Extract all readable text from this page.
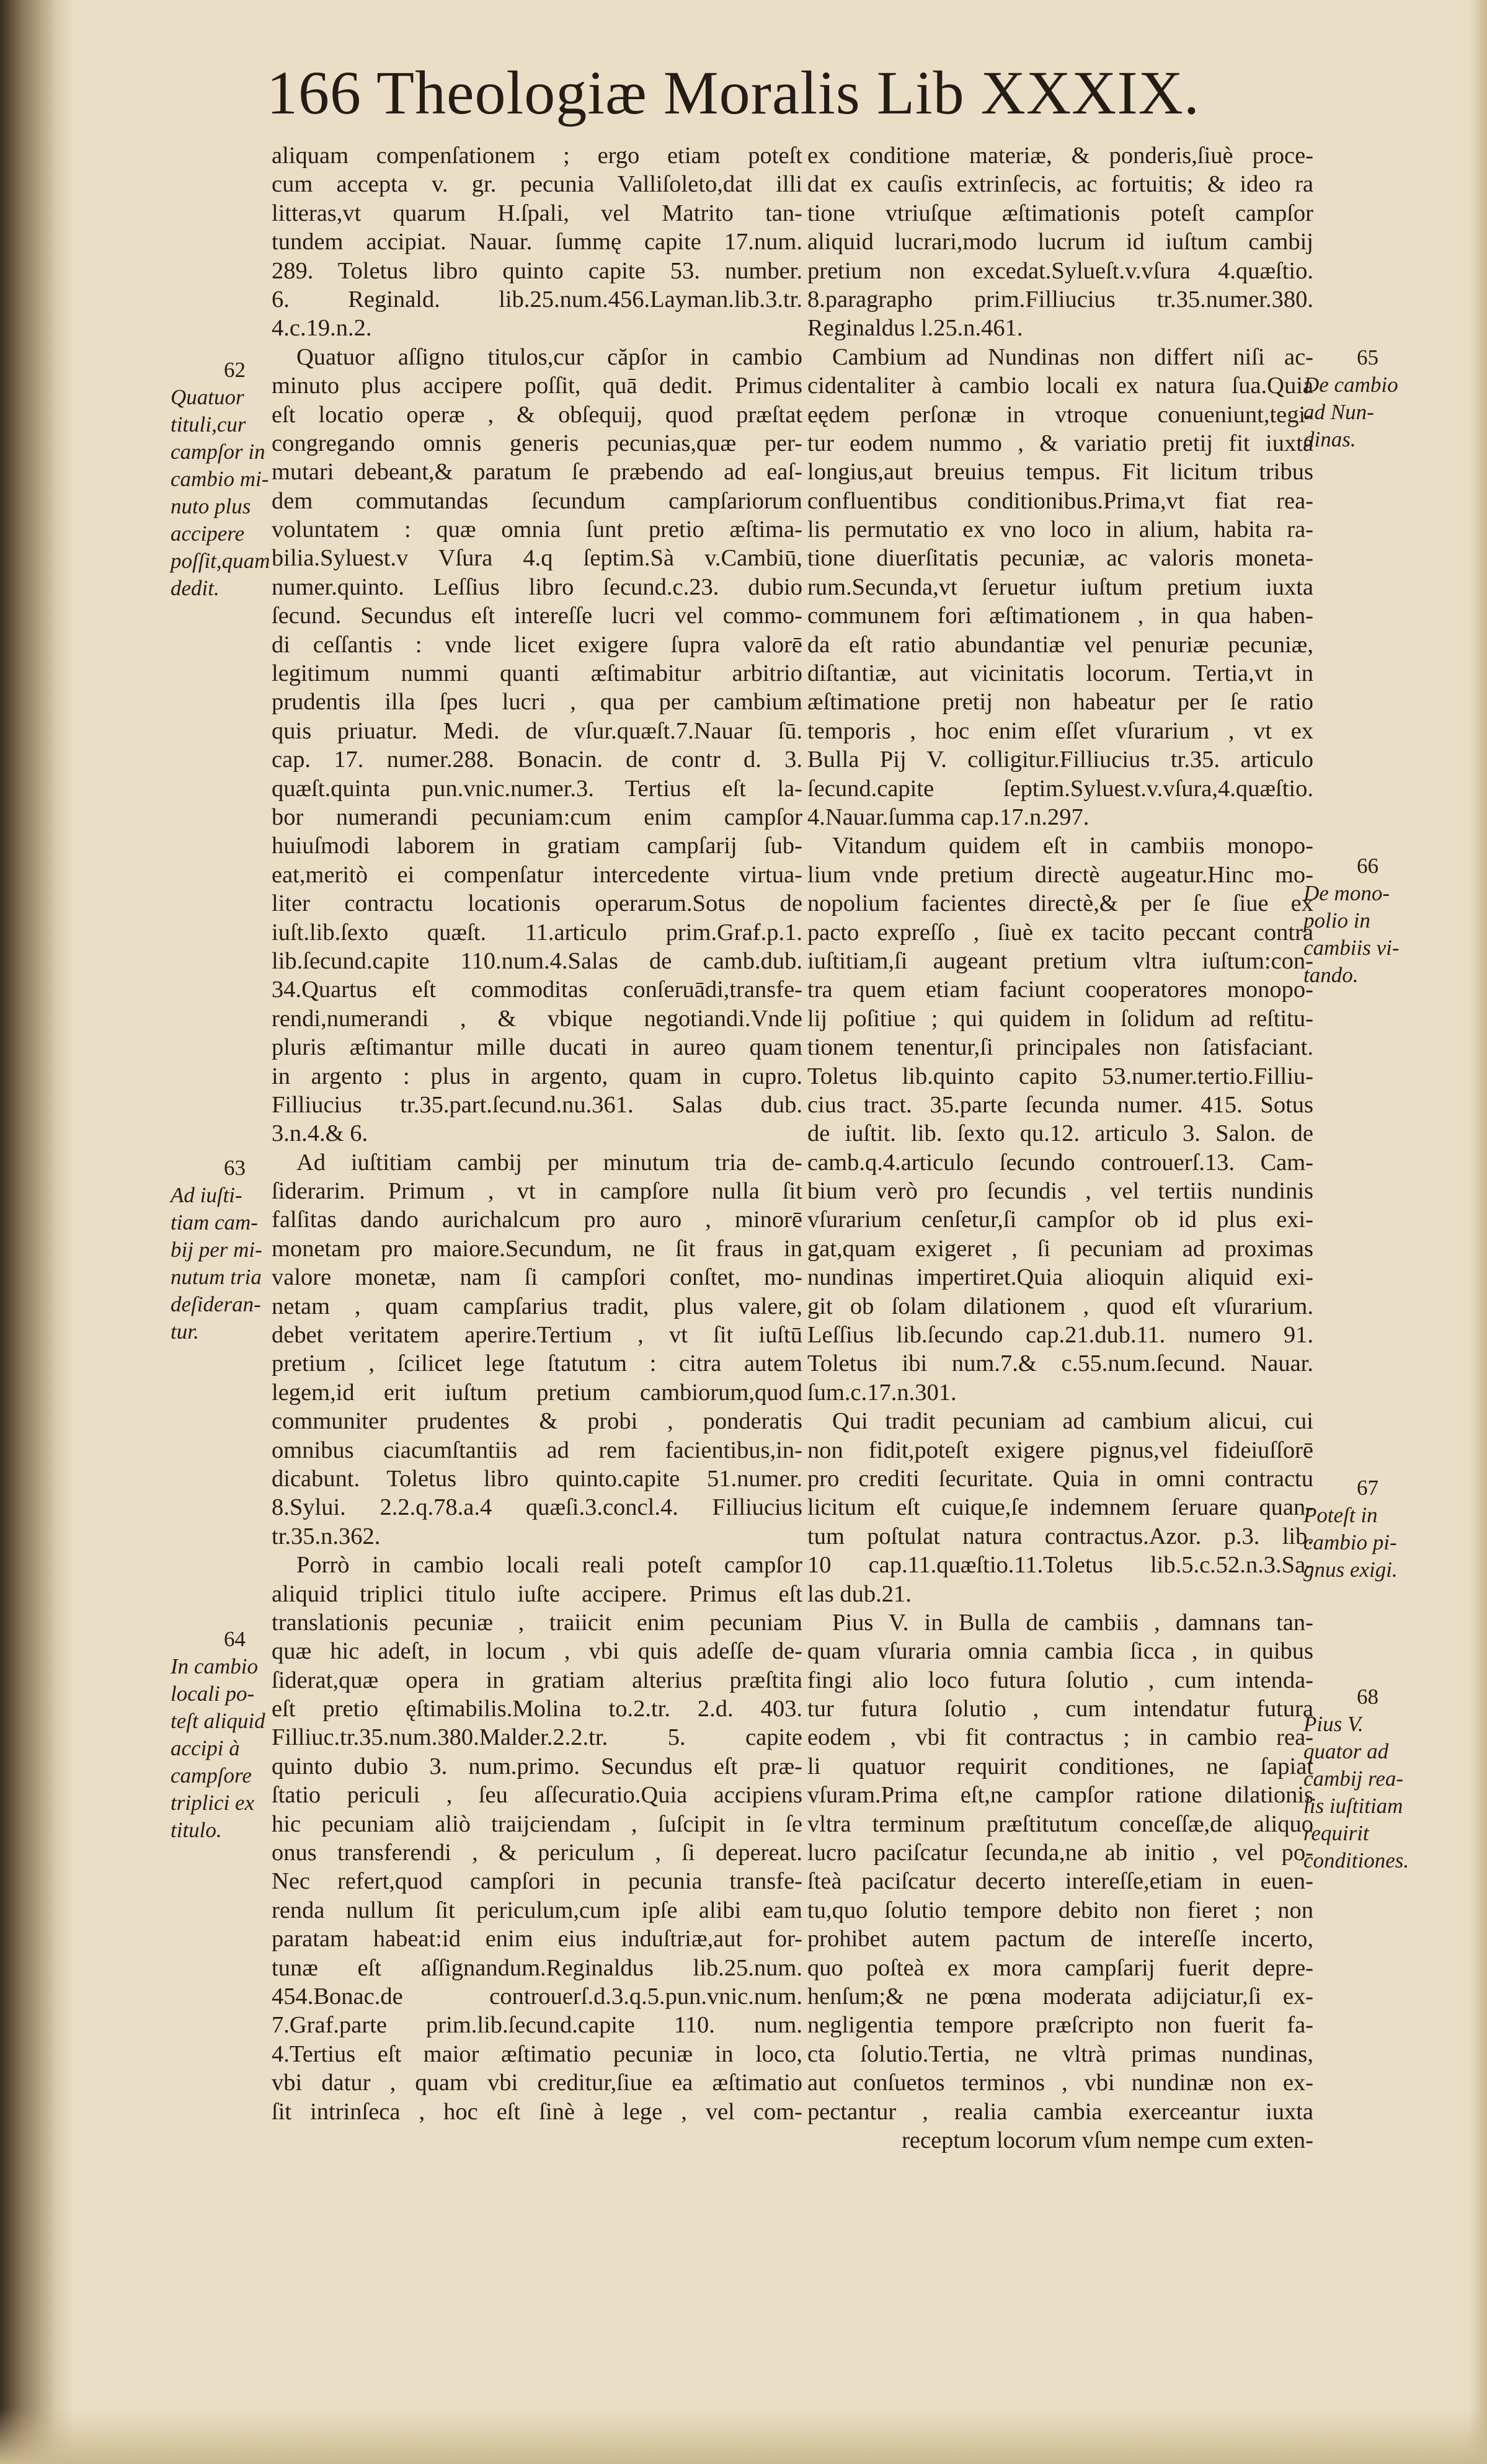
166 Theologiæ Moralis Lib XXXIX.
aliquam compenſationem ; ergo etiam poteſt
cum accepta v. gr. pecunia Valliſoleto,dat illi
litteras,vt quarum H.ſpali, vel Matrito tan-
tundem accipiat. Nauar. ſummę capite 17.num.
289. Toletus libro quinto capite 53. number.
6. Reginald. lib.25.num.456.Layman.lib.3.tr.
4.c.19.n.2.
Quatuor aſſigno titulos,cur căpſor in cambio
minuto plus accipere poſſit, quā dedit. Primus
eſt locatio operæ , & obſequij, quod præſtat
congregando omnis generis pecunias,quæ per-
mutari debeant,& paratum ſe præbendo ad eaſ-
dem commutandas ſecundum campſariorum
voluntatem : quæ omnia ſunt pretio æſtima-
bilia.Syluest.v Vſura 4.q ſeptim.Sà v.Cambiū,
numer.quinto. Leſſius libro ſecund.c.23. dubio
ſecund. Secundus eſt intereſſe lucri vel commo-
di ceſſantis : vnde licet exigere ſupra valorē
legitimum nummi quanti æſtimabitur arbitrio
prudentis illa ſpes lucri , qua per cambium
quis priuatur. Medi. de vſur.quæſt.7.Nauar ſū.
cap. 17. numer.288. Bonacin. de contr d. 3.
quæſt.quinta pun.vnic.numer.3. Tertius eſt la-
bor numerandi pecuniam:cum enim campſor
huiuſmodi laborem in gratiam campſarij ſub-
eat,meritò ei compenſatur intercedente virtua-
liter contractu locationis operarum.Sotus de
iuſt.lib.ſexto quæſt. 11.articulo prim.Graf.p.1.
lib.ſecund.capite 110.num.4.Salas de camb.dub.
34.Quartus eſt commoditas conſeruādi,transfe-
rendi,numerandi , & vbique negotiandi.Vnde
pluris æſtimantur mille ducati in aureo quam
in argento : plus in argento, quam in cupro.
Filliucius tr.35.part.ſecund.nu.361. Salas dub.
3.n.4.& 6.
Ad iuſtitiam cambij per minutum tria de-
ſiderarim. Primum , vt in campſore nulla ſit
falſitas dando aurichalcum pro auro , minorē
monetam pro maiore.Secundum, ne ſit fraus in
valore monetæ, nam ſi campſori conſtet, mo-
netam , quam campſarius tradit, plus valere,
debet veritatem aperire.Tertium , vt ſit iuſtū
pretium , ſcilicet lege ſtatutum : citra autem
legem,id erit iuſtum pretium cambiorum,quod
communiter prudentes & probi , ponderatis
omnibus ciacumſtantiis ad rem facientibus,in-
dicabunt. Toletus libro quinto.capite 51.numer.
8.Sylui. 2.2.q.78.a.4 quæſi.3.concl.4. Filliucius
tr.35.n.362.
Porrò in cambio locali reali poteſt campſor
aliquid triplici titulo iuſte accipere. Primus eſt
translationis pecuniæ , traiicit enim pecuniam
quæ hic adeſt, in locum , vbi quis adeſſe de-
ſiderat,quæ opera in gratiam alterius præſtita
eſt pretio ęſtimabilis.Molina to.2.tr. 2.d. 403.
Filliuc.tr.35.num.380.Malder.2.2.tr. 5. capite
quinto dubio 3. num.primo. Secundus eſt præ-
ſtatio periculi , ſeu aſſecuratio.Quia accipiens
hic pecuniam aliò traijciendam , ſuſcipit in ſe
onus transferendi , & periculum , ſi depereat.
Nec refert,quod campſori in pecunia transfe-
renda nullum ſit periculum,cum ipſe alibi eam
paratam habeat:id enim eius induſtriæ,aut for-
tunæ eſt aſſignandum.Reginaldus lib.25.num.
454.Bonac.de controuerſ.d.3.q.5.pun.vnic.num.
7.Graf.parte prim.lib.ſecund.capite 110. num.
4.Tertius eſt maior æſtimatio pecuniæ in loco,
vbi datur , quam vbi creditur,ſiue ea æſtimatio
ſit intrinſeca , hoc eſt ſinè à lege , vel com-
ex conditione materiæ, & ponderis,ſiuè proce-
dat ex cauſis extrinſecis, ac fortuitis; & ideo ra
tione vtriuſque æſtimationis poteſt campſor
aliquid lucrari,modo lucrum id iuſtum cambij
pretium non excedat.Sylueſt.v.vſura 4.quæſtio.
8.paragrapho prim.Filliucius tr.35.numer.380.
Reginaldus l.25.n.461.
Cambium ad Nundinas non differt niſi ac-
cidentaliter à cambio locali ex natura ſua.Quia
eędem perſonæ in vtroque conueniunt,tegi-
tur eodem nummo , & variatio pretij fit iuxta
longius,aut breuius tempus. Fit licitum tribus
confluentibus conditionibus.Prima,vt fiat rea-
lis permutatio ex vno loco in alium, habita ra-
tione diuerſitatis pecuniæ, ac valoris moneta-
rum.Secunda,vt ſeruetur iuſtum pretium iuxta
communem fori æſtimationem , in qua haben-
da eſt ratio abundantiæ vel penuriæ pecuniæ,
diſtantiæ, aut vicinitatis locorum. Tertia,vt in
æſtimatione pretij non habeatur per ſe ratio
temporis , hoc enim eſſet vſurarium , vt ex
Bulla Pij V. colligitur.Filliucius tr.35. articulo
ſecund.capite ſeptim.Syluest.v.vſura,4.quæſtio.
4.Nauar.ſumma cap.17.n.297.
Vitandum quidem eſt in cambiis monopo-
lium vnde pretium directè augeatur.Hinc mo-
nopolium facientes directè,& per ſe ſiue ex
pacto expreſſo , ſiuè ex tacito peccant contra
iuſtitiam,ſi augeant pretium vltra iuſtum:con-
tra quem etiam faciunt cooperatores monopo-
lij poſitiue ; qui quidem in ſolidum ad reſtitu-
tionem tenentur,ſi principales non ſatisfaciant.
Toletus lib.quinto capito 53.numer.tertio.Filliu-
cius tract. 35.parte ſecunda numer. 415. Sotus
de iuſtit. lib. ſexto qu.12. articulo 3. Salon. de
camb.q.4.articulo ſecundo controuerſ.13. Cam-
bium verò pro ſecundis , vel tertiis nundinis
vſurarium cenſetur,ſi campſor ob id plus exi-
gat,quam exigeret , ſi pecuniam ad proximas
nundinas impertiret.Quia alioquin aliquid exi-
git ob ſolam dilationem , quod eſt vſurarium.
Leſſius lib.ſecundo cap.21.dub.11. numero 91.
Toletus ibi num.7.& c.55.num.ſecund. Nauar.
ſum.c.17.n.301.
Qui tradit pecuniam ad cambium alicui, cui
non fidit,poteſt exigere pignus,vel fideiuſſorē
pro crediti ſecuritate. Quia in omni contractu
licitum eſt cuique,ſe indemnem ſeruare quan-
tum poſtulat natura contractus.Azor. p.3. lib.
10 cap.11.quæſtio.11.Toletus lib.5.c.52.n.3.Sa-
las dub.21.
Pius V. in Bulla de cambiis , damnans tan-
quam vſuraria omnia cambia ſicca , in quibus
fingi alio loco futura ſolutio , cum intenda-
tur futura ſolutio , cum intendatur futura
eodem , vbi fit contractus ; in cambio rea-
li quatuor requirit conditiones, ne ſapiat
vſuram.Prima eſt,ne campſor ratione dilationis
vltra terminum præſtitutum conceſſæ,de aliquo
lucro paciſcatur ſecunda,ne ab initio , vel po-
ſteà paciſcatur decerto intereſſe,etiam in euen-
tu,quo ſolutio tempore debito non fieret ; non
prohibet autem pactum de intereſſe incerto,
quo poſteà ex mora campſarij fuerit depre-
henſum;& ne pœna moderata adijciatur,ſi ex-
negligentia tempore præſcripto non fuerit fa-
cta ſolutio.Tertia, ne vltrà primas nundinas,
aut conſuetos terminos , vbi nundinæ non ex-
pectantur , realia cambia exerceantur iuxta
receptum locorum vſum nempe cum exten-
62
Quatuor
tituli,cur
campſor in
cambio mi-
nuto plus
accipere
poſſit,quam
dedit.
63
Ad iuſti-
tiam cam-
bij per mi-
nutum tria
deſideran-
tur.
64
In cambio
locali po-
teſt aliquid
accipi à
campſore
triplici ex
titulo.
65
De cambio
ad Nun-
dinas.
66
De mono-
polio in
cambiis vi-
tando.
67
Poteſt in
cambio pi-
gnus exigi.
68
Pius V.
quator ad
cambij rea-
lis iuſtitiam
requirit
conditiones.
